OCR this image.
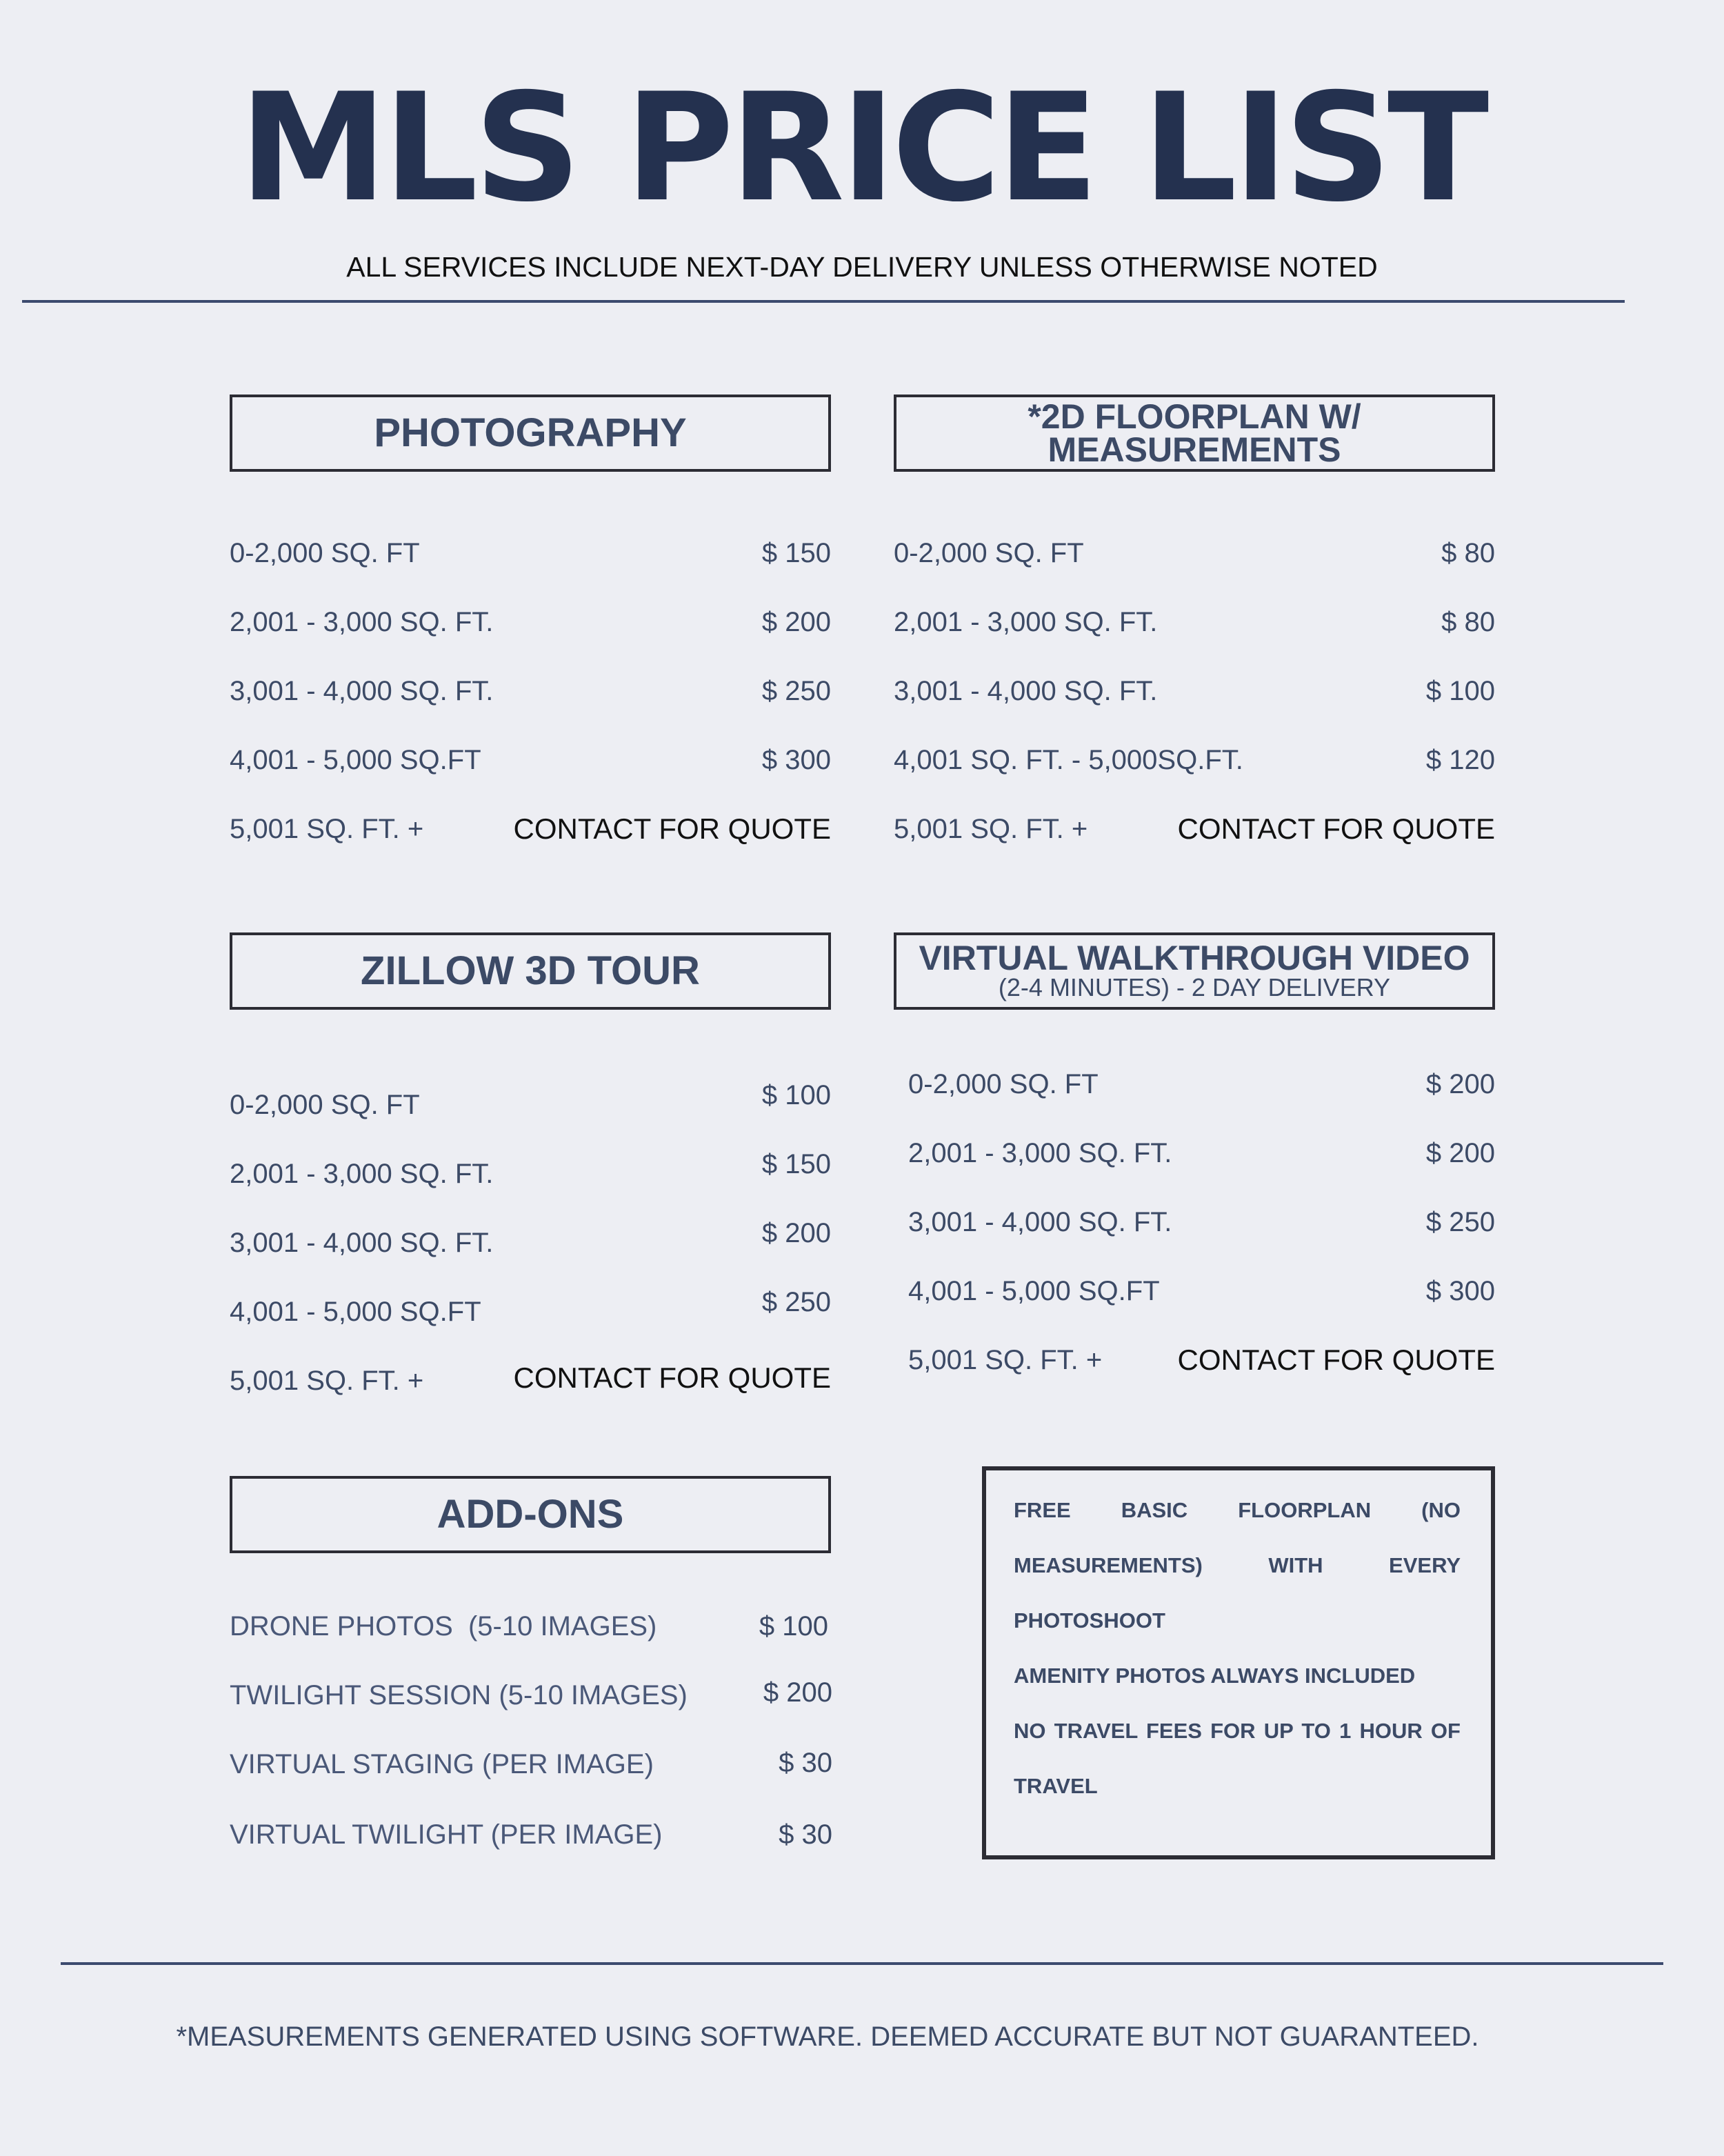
MLS PRICE LIST
ALL SERVICES INCLUDE NEXT-DAY DELIVERY UNLESS OTHERWISE NOTED
PHOTOGRAPHY
0-2,000 SQ. FT	$ 150
2,001 - 3,000 SQ. FT.	$ 200
3,001 - 4,000 SQ. FT.	$ 250
4,001 - 5,000 SQ.FT	$ 300
5,001 SQ. FT. +	CONTACT FOR QUOTE
*2D FLOORPLAN W/
MEASUREMENTS
0-2,000 SQ. FT	$ 80
2,001 - 3,000 SQ. FT.	$ 80
3,001 - 4,000 SQ. FT.	$ 100
4,001 SQ. FT. - 5,000SQ.FT.	$ 120
5,001 SQ. FT. +	CONTACT FOR QUOTE
ZILLOW 3D TOUR
0-2,000 SQ. FT	$ 100
2,001 - 3,000 SQ. FT.	$ 150
3,001 - 4,000 SQ. FT.	$ 200
4,001 - 5,000 SQ.FT	$ 250
5,001 SQ. FT. +	CONTACT FOR QUOTE
VIRTUAL WALKTHROUGH VIDEO
(2-4 MINUTES) - 2 DAY DELIVERY
0-2,000 SQ. FT	$ 200
2,001 - 3,000 SQ. FT.	$ 200
3,001 - 4,000 SQ. FT.	$ 250
4,001 - 5,000 SQ.FT	$ 300
5,001 SQ. FT. +	CONTACT FOR QUOTE
ADD-ONS
DRONE PHOTOS  (5-10 IMAGES)	$ 100
TWILIGHT SESSION (5-10 IMAGES)	$ 200
VIRTUAL STAGING (PER IMAGE)	$ 30
VIRTUAL TWILIGHT (PER IMAGE)	$ 30

FREE BASIC FLOORPLAN (NO MEASUREMENTS) WITH EVERY PHOTOSHOOT

AMENITY PHOTOS ALWAYS INCLUDED

NO TRAVEL FEES FOR UP TO 1 HOUR OF TRAVEL

*MEASUREMENTS GENERATED USING SOFTWARE. DEEMED ACCURATE BUT NOT GUARANTEED.
